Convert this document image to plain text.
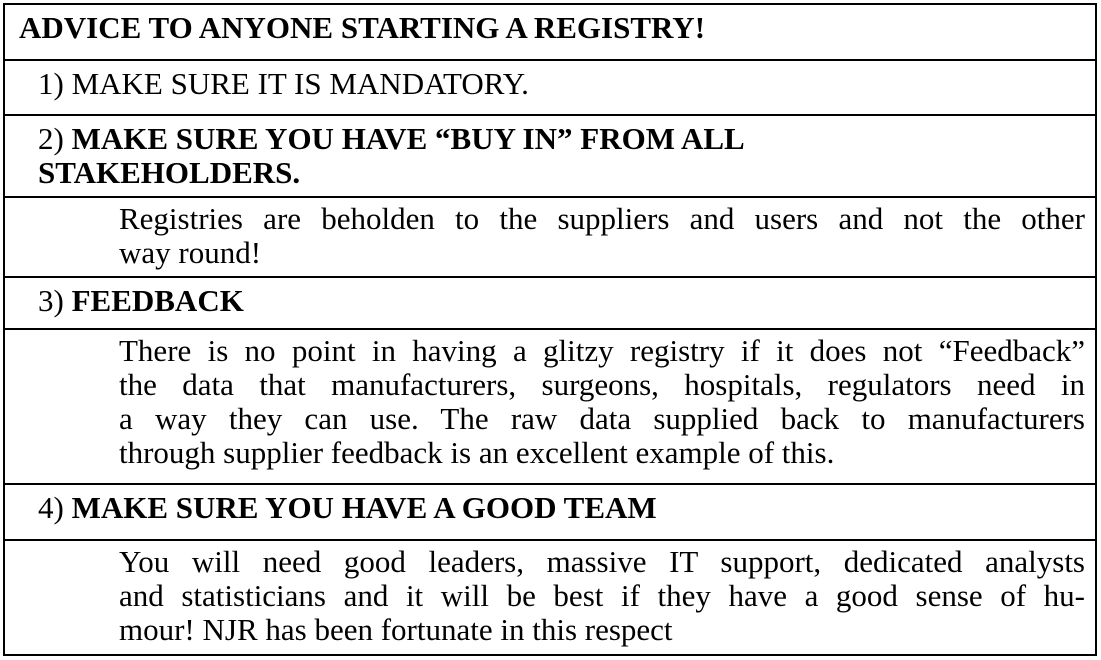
ADVICE TO ANYONE STARTING A REGISTRY!
1) MAKE SURE IT IS MANDATORY.
2) MAKE SURE YOU HAVE “BUY IN” FROM ALL
STAKEHOLDERS.
Registries are beholden to the suppliers and users and not the other
way round!
3) FEEDBACK
There is no point in having a glitzy registry if it does not “Feedback”
the data that manufacturers, surgeons, hospitals, regulators need in
a way they can use. The raw data supplied back to manufacturers
through supplier feedback is an excellent example of this.
4) MAKE SURE YOU HAVE A GOOD TEAM
You will need good leaders, massive IT support, dedicated analysts
and statisticians and it will be best if they have a good sense of hu-
mour! NJR has been fortunate in this respect
